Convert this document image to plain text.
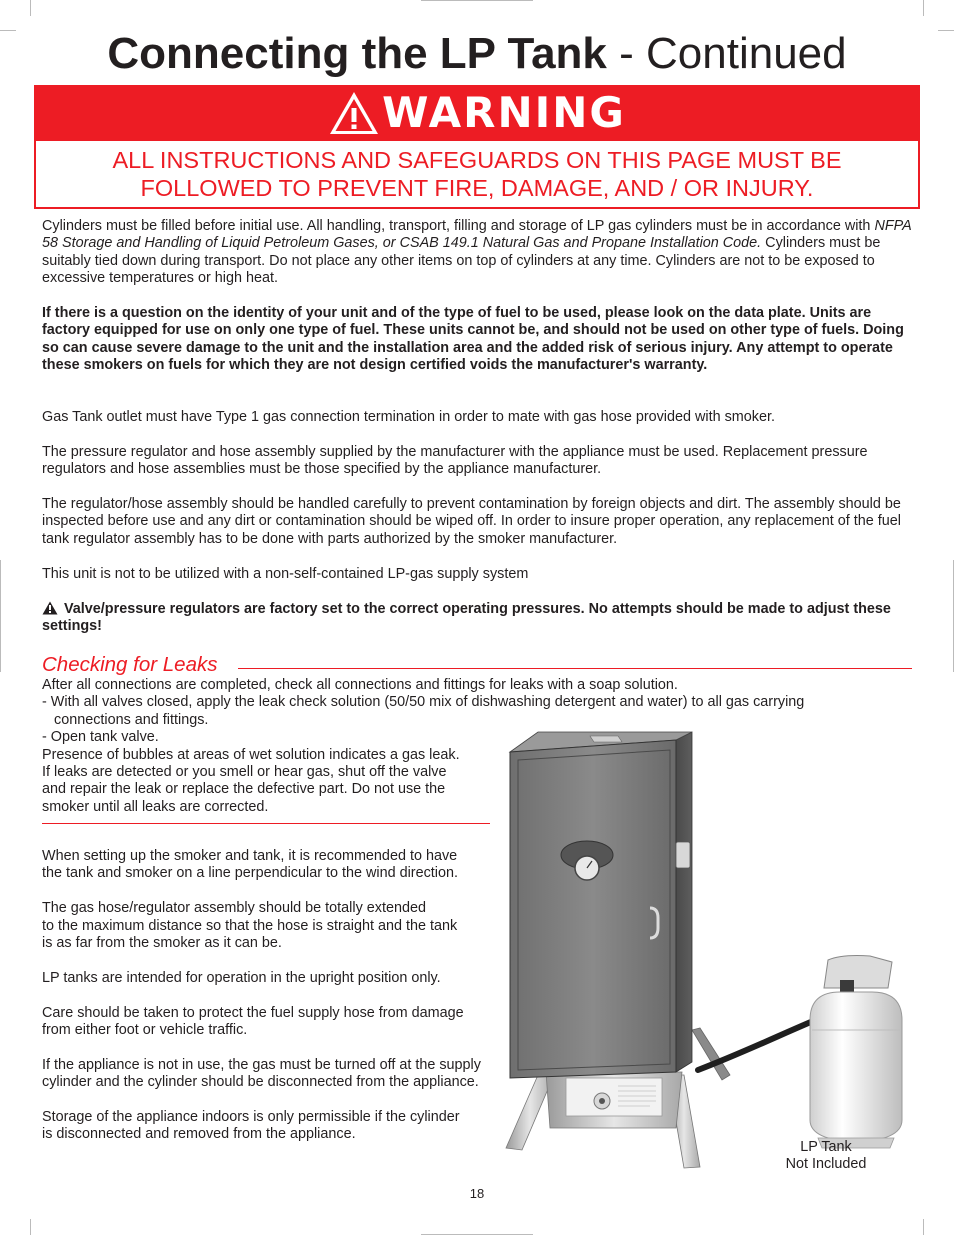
Connecting the LP Tank - Continued
WARNING
ALL INSTRUCTIONS AND SAFEGUARDS ON THIS PAGE MUST BE
FOLLOWED TO PREVENT FIRE, DAMAGE, AND / OR INJURY.
Cylinders must be filled before initial use. All handling, transport, filling and storage of LP gas cylinders must be in accordance with NFPA 58 Storage and Handling of Liquid Petroleum Gases, or CSAB 149.1 Natural Gas and Propane Installation Code. Cylinders must be suitably tied down during transport. Do not place any other items on top of cylinders at any time. Cylinders are not to be exposed to excessive temperatures or high heat.
If there is a question on the identity of your unit and of the type of fuel to be used, please look on the data plate. Units are factory equipped for use on only one type of fuel. These units cannot be, and should not be used on other type of fuels. Doing so can cause severe damage to the unit and the installation area and the added risk of serious injury. Any attempt to operate these smokers on fuels for which they are not design certified voids the manufacturer's warranty.
Gas Tank outlet must have Type 1 gas connection termination in order to mate with gas hose provided with smoker.
The pressure regulator and hose assembly supplied by the manufacturer with the appliance must be used. Replacement pressure regulators and hose assemblies must be those specified by the appliance manufacturer.
The regulator/hose assembly should be handled carefully to prevent contamination by foreign objects and dirt. The assembly should be inspected before use and any dirt or contamination should be wiped off. In order to insure proper operation, any replacement of the fuel tank regulator assembly has to be done with parts authorized by the smoker manufacturer.
This unit is not to be utilized with a non-self-contained LP-gas supply system
Valve/pressure regulators are factory set to the correct operating pressures. No attempts should be made to adjust these settings!
Checking for Leaks
After all connections are completed, check all connections and fittings for leaks with a soap solution.
- With all valves closed, apply the leak check solution (50/50 mix of dishwashing detergent and water) to all gas carrying
connections and fittings.
- Open tank valve.
Presence of bubbles at areas of wet solution indicates a gas leak.
If leaks are detected or you smell or hear gas, shut off the valve
and repair the leak or replace the defective part. Do not use the
smoker until all leaks are corrected.
When setting up the smoker and tank, it is recommended to have
the tank and smoker on a line perpendicular to the wind direction.
The gas hose/regulator assembly should be totally extended
to the maximum distance so that the hose is straight and the tank
is as far from the smoker as it can be.
LP tanks are intended for operation in the upright position only.
Care should be taken to protect the fuel supply hose from damage
from either foot or vehicle traffic.
If the appliance is not in use, the gas must be turned off at the supply
cylinder and the cylinder should be disconnected from the appliance.
Storage of the appliance indoors is only permissible if the cylinder
is disconnected and removed from the appliance.
LP Tank
Not Included
18
